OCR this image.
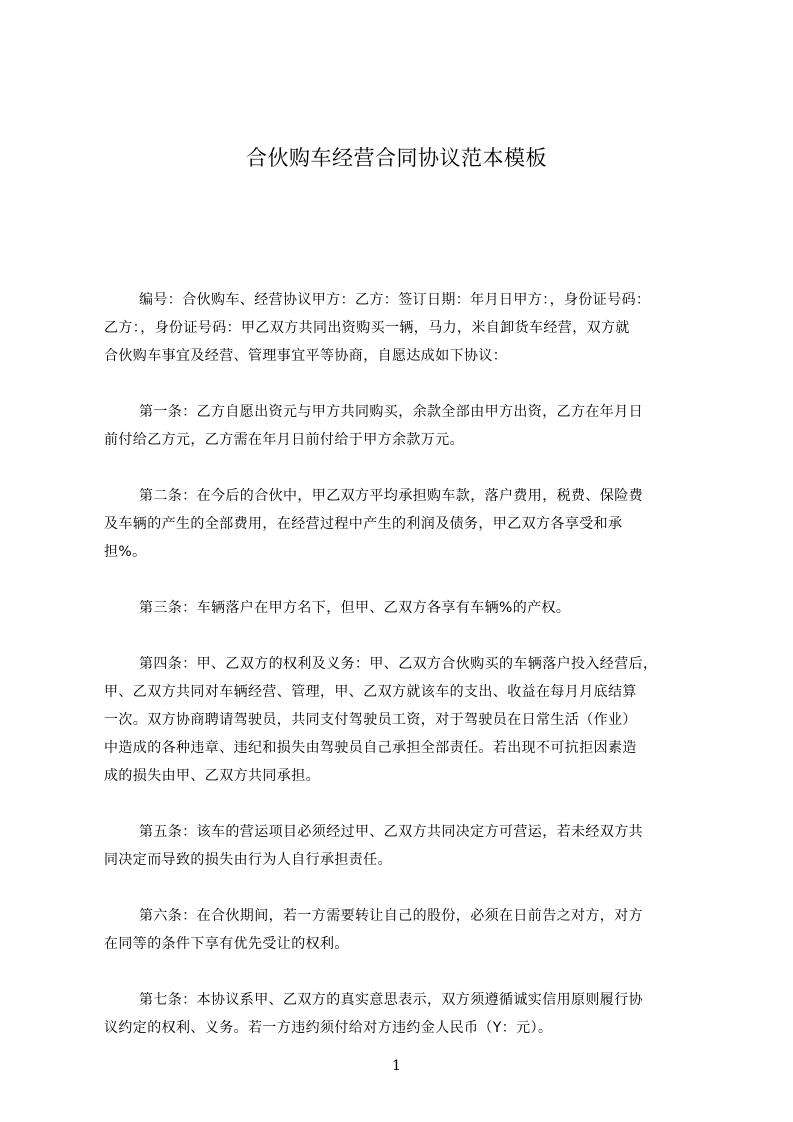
合伙购车经营合同协议范本模板

编号：合伙购车、经营协议甲方：乙方：签订日期：年月日甲方：，身份证号码：
乙方：，身份证号码：甲乙双方共同出资购买一辆，马力，米自卸货车经营，双方就
合伙购车事宜及经营、管理事宜平等协商，自愿达成如下协议：

第一条：乙方自愿出资元与甲方共同购买，余款全部由甲方出资，乙方在年月日
前付给乙方元，乙方需在年月日前付给于甲方余款万元。

第二条：在今后的合伙中，甲乙双方平均承担购车款，落户费用，税费、保险费
及车辆的产生的全部费用，在经营过程中产生的利润及债务，甲乙双方各享受和承
担%。

第三条：车辆落户在甲方名下，但甲、乙双方各享有车辆%的产权。

第四条：甲、乙双方的权利及义务：甲、乙双方合伙购买的车辆落户投入经营后，
甲、乙双方共同对车辆经营、管理，甲、乙双方就该车的支出、收益在每月月底结算
一次。双方协商聘请驾驶员，共同支付驾驶员工资，对于驾驶员在日常生活（作业）
中造成的各种违章、违纪和损失由驾驶员自己承担全部责任。若出现不可抗拒因素造
成的损失由甲、乙双方共同承担。

第五条：该车的营运项目必须经过甲、乙双方共同决定方可营运，若未经双方共
同决定而导致的损失由行为人自行承担责任。

第六条：在合伙期间，若一方需要转让自己的股份，必须在日前告之对方，对方
在同等的条件下享有优先受让的权利。

第七条：本协议系甲、乙双方的真实意思表示，双方须遵循诚实信用原则履行协
议约定的权利、义务。若一方违约须付给对方违约金人民币（Y：元）。

1
